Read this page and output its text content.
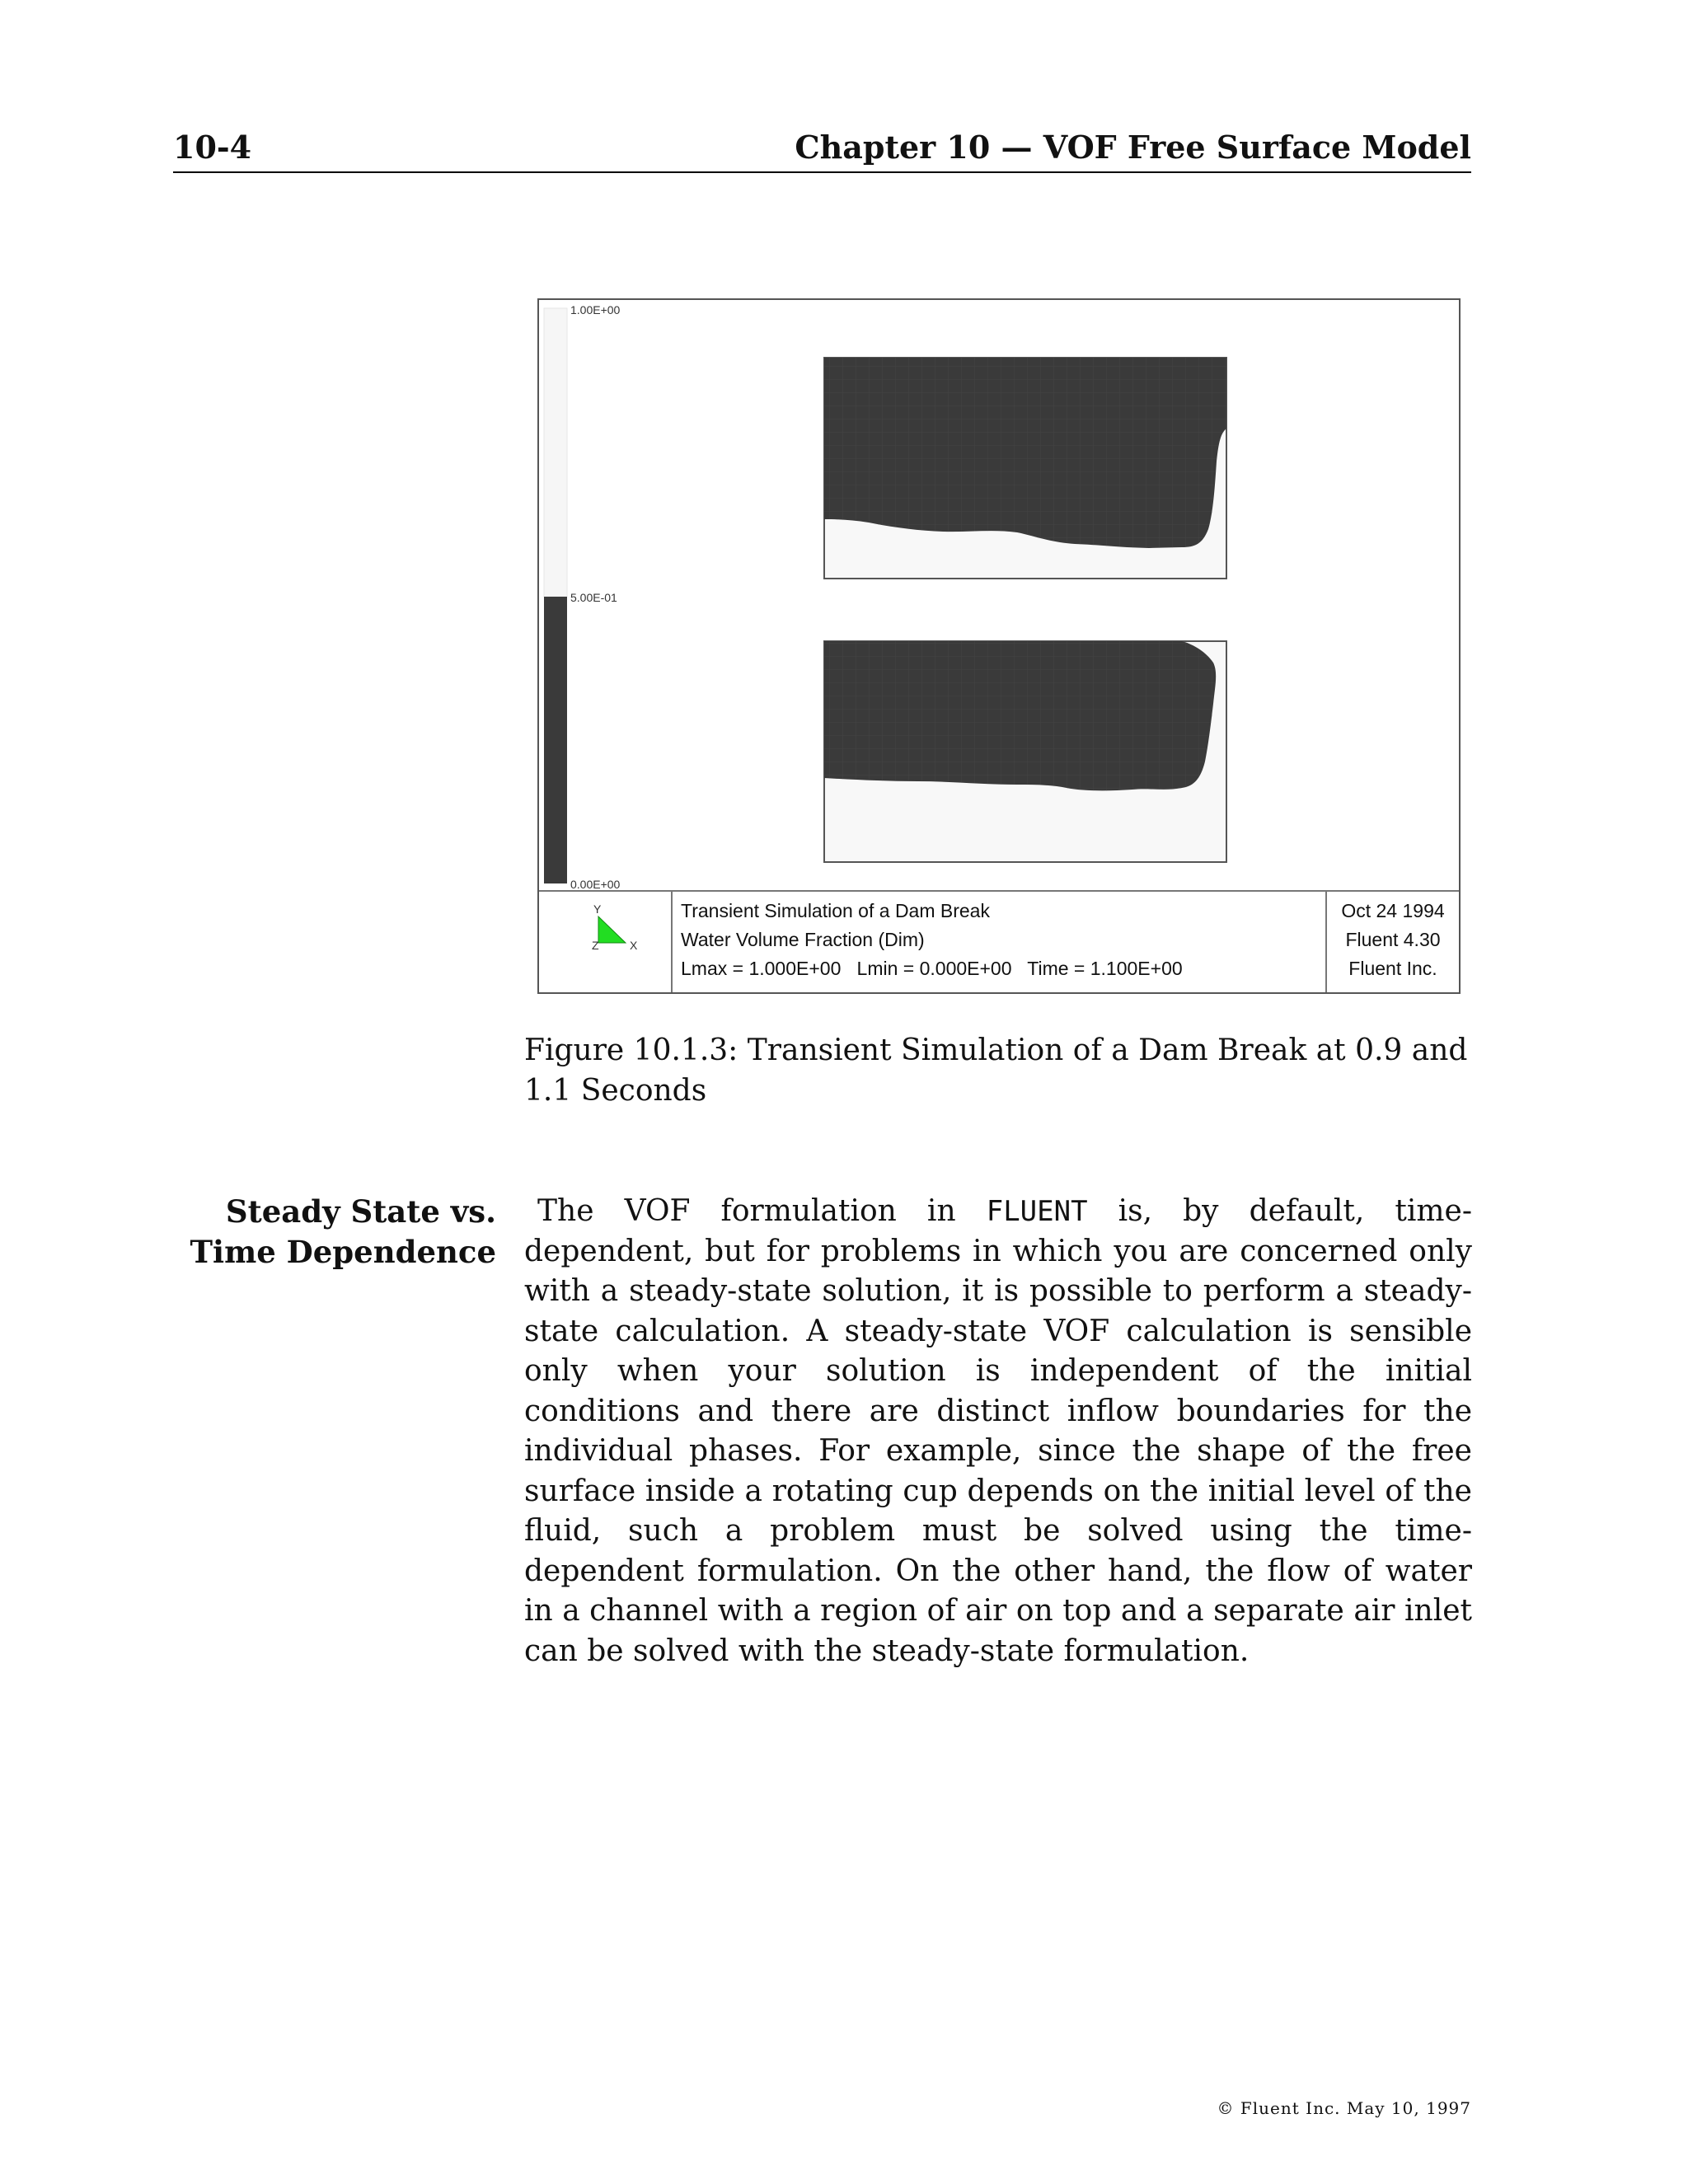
10-4	Chapter 10 — VOF Free Surface Model
1.00E+00
5.00E-01
0.00E+00
Y
Z	X
Transient Simulation of a Dam Break
Water Volume Fraction (Dim)
Lmax = 1.000E+00   Lmin = 0.000E+00   Time = 1.100E+00
Oct 24 1994
Fluent 4.30
Fluent Inc.
Figure 10.1.3: Transient Simulation of a Dam Break at 0.9 and 1.1 Seconds
Steady State vs.
Time Dependence
The VOF formulation in FLUENT is, by default, time-dependent, but for problems in which you are concerned only with a steady-state solution, it is possible to perform a steady-state calculation. A steady-state VOF calculation is sensible only when your solution is independent of the initial conditions and there are distinct inflow boundaries for the individual phases. For example, since the shape of the free surface inside a rotating cup depends on the initial level of the fluid, such a problem must be solved using the time-dependent formulation. On the other hand, the flow of water in a channel with a region of air on top and a separate air inlet can be solved with the steady-state formulation.
© Fluent Inc. May 10, 1997
